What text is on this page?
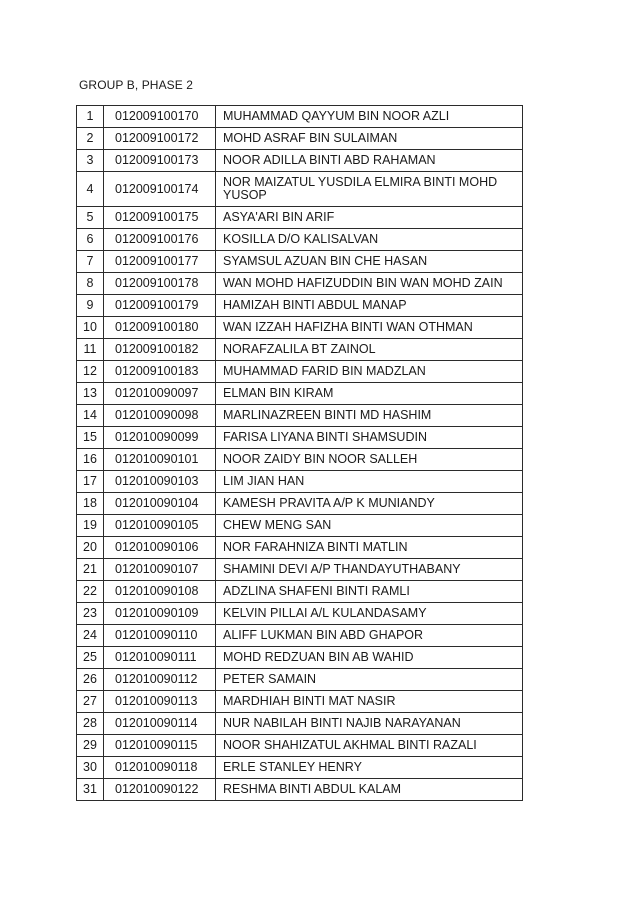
GROUP B, PHASE 2
1	012009100170	MUHAMMAD QAYYUM BIN NOOR AZLI
2	012009100172	MOHD ASRAF BIN SULAIMAN
3	012009100173	NOOR ADILLA BINTI ABD RAHAMAN
4	012009100174	NOR MAIZATUL YUSDILA ELMIRA BINTI MOHD YUSOP
5	012009100175	ASYA'ARI BIN ARIF
6	012009100176	KOSILLA D/O KALISALVAN
7	012009100177	SYAMSUL AZUAN BIN CHE HASAN
8	012009100178	WAN MOHD HAFIZUDDIN BIN WAN MOHD ZAIN
9	012009100179	HAMIZAH BINTI ABDUL MANAP
10	012009100180	WAN IZZAH HAFIZHA BINTI WAN OTHMAN
11	012009100182	NORAFZALILA BT ZAINOL
12	012009100183	MUHAMMAD FARID BIN MADZLAN
13	012010090097	ELMAN BIN KIRAM
14	012010090098	MARLINAZREEN BINTI MD HASHIM
15	012010090099	FARISA LIYANA BINTI SHAMSUDIN
16	012010090101	NOOR ZAIDY BIN NOOR SALLEH
17	012010090103	LIM JIAN HAN
18	012010090104	KAMESH PRAVITA A/P K MUNIANDY
19	012010090105	CHEW MENG SAN
20	012010090106	NOR FARAHNIZA BINTI MATLIN
21	012010090107	SHAMINI DEVI A/P THANDAYUTHABANY
22	012010090108	ADZLINA SHAFENI BINTI RAMLI
23	012010090109	KELVIN PILLAI A/L KULANDASAMY
24	012010090110	ALIFF LUKMAN BIN ABD GHAPOR
25	012010090111	MOHD REDZUAN BIN AB WAHID
26	012010090112	PETER SAMAIN
27	012010090113	MARDHIAH BINTI MAT NASIR
28	012010090114	NUR NABILAH BINTI NAJIB NARAYANAN
29	012010090115	NOOR SHAHIZATUL AKHMAL BINTI RAZALI
30	012010090118	ERLE STANLEY HENRY
31	012010090122	RESHMA BINTI ABDUL KALAM
